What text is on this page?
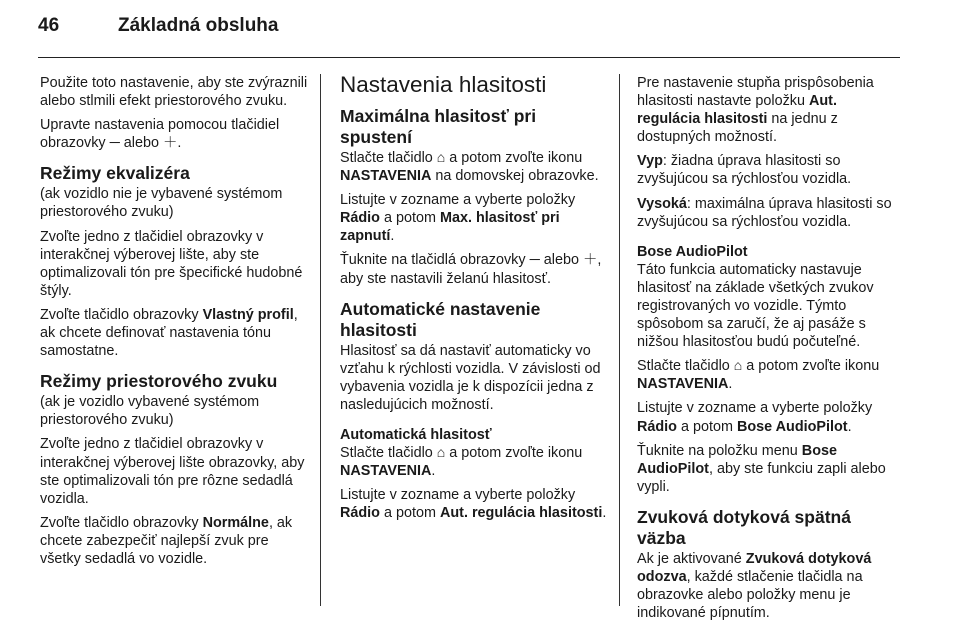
46	Základná obsluha

Použite toto nastavenie, aby ste zvýraznili alebo stlmili efekt priestorového zvuku.

Upravte nastavenia pomocou tlačidiel obrazovky ─ alebo ＋.

Režimy ekvalizéra

(ak vozidlo nie je vybavené systémom priestorového zvuku)

Zvoľte jedno z tlačidiel obrazovky v interakčnej výberovej lište, aby ste optimalizovali tón pre špecifické hudobné štýly.

Zvoľte tlačidlo obrazovky Vlastný profil, ak chcete definovať nastavenia tónu samostatne.

Režimy priestorového zvuku

(ak je vozidlo vybavené systémom priestorového zvuku)

Zvoľte jedno z tlačidiel obrazovky v interakčnej výberovej lište obrazovky, aby ste optimalizovali tón pre rôzne sedadlá vozidla.

Zvoľte tlačidlo obrazovky Normálne, ak chcete zabezpečiť najlepší zvuk pre všetky sedadlá vo vozidle.

Nastavenia hlasitosti
Maximálna hlasitosť pri spustení

Stlačte tlačidlo ⌂ a potom zvoľte ikonu NASTAVENIA na domovskej obrazovke.

Listujte v zozname a vyberte položky Rádio a potom Max. hlasitosť pri zapnutí.

Ťuknite na tlačidlá obrazovky ─ alebo ＋, aby ste nastavili želanú hlasitosť.

Automatické nastavenie hlasitosti

Hlasitosť sa dá nastaviť automaticky vo vzťahu k rýchlosti vozidla. V závislosti od vybavenia vozidla je k dispozícii jedna z nasledujúcich možností.

Automatická hlasitosť

Stlačte tlačidlo ⌂ a potom zvoľte ikonu NASTAVENIA.

Listujte v zozname a vyberte položky Rádio a potom Aut. regulácia hlasitosti.

Pre nastavenie stupňa prispôsobenia hlasitosti nastavte položku Aut. regulácia hlasitosti na jednu z dostupných možností.

Vyp: žiadna úprava hlasitosti so zvyšujúcou sa rýchlosťou vozidla.

Vysoká: maximálna úprava hlasitosti so zvyšujúcou sa rýchlosťou vozidla.

Bose AudioPilot

Táto funkcia automaticky nastavuje hlasitosť na základe všetkých zvukov registrovaných vo vozidle. Týmto spôsobom sa zaručí, že aj pasáže s nižšou hlasitosťou budú počuteľné.

Stlačte tlačidlo ⌂ a potom zvoľte ikonu NASTAVENIA.

Listujte v zozname a vyberte položky Rádio a potom Bose AudioPilot.

Ťuknite na položku menu Bose AudioPilot, aby ste funkciu zapli alebo vypli.

Zvuková dotyková spätná väzba

Ak je aktivované Zvuková dotyková odozva, každé stlačenie tlačidla na obrazovke alebo položky menu je indikované pípnutím.
